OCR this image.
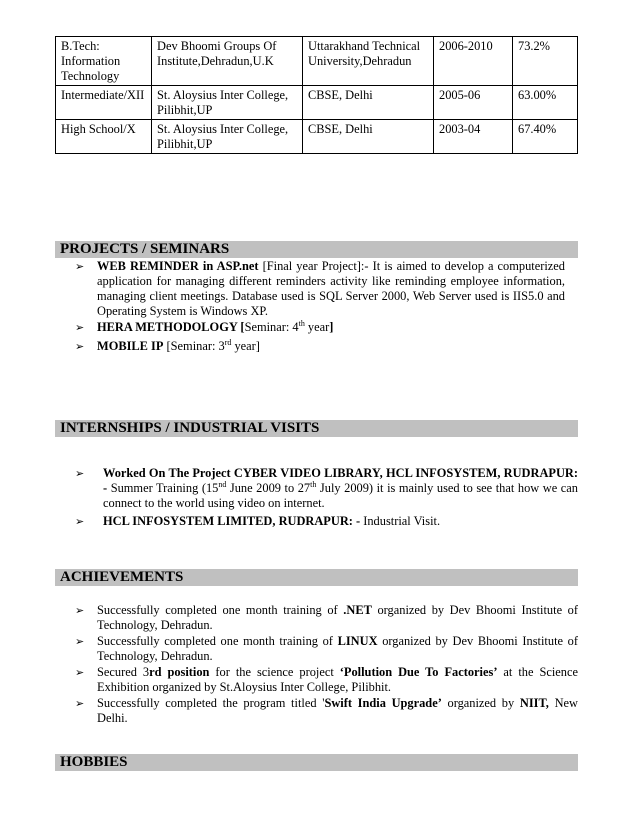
B.Tech: Information Technology	Dev Bhoomi Groups Of Institute,Dehradun,U.K	Uttarakhand Technical University,Dehradun	2006-2010	73.2%
Intermediate/XII	St. Aloysius Inter College, Pilibhit,UP	CBSE, Delhi	2005-06	63.00%
High School/X	St. Aloysius Inter College, Pilibhit,UP	CBSE, Delhi	2003-04	67.40%
PROJECTS / SEMINARS
➢ WEB REMINDER in ASP.net [Final year Project]:- It is aimed to develop a computerized application for managing different reminders activity like reminding employee information, managing client meetings. Database used is SQL Server 2000, Web Server used is IIS5.0 and Operating System is Windows XP.
➢ HERA METHODOLOGY [Seminar: 4th year]
➢ MOBILE IP [Seminar: 3rd year]
INTERNSHIPS / INDUSTRIAL VISITS
➢ Worked On The Project CYBER VIDEO LIBRARY, HCL INFOSYSTEM, RUDRAPUR: - Summer Training (15nd June 2009 to 27th July 2009) it is mainly used to see that how we can connect to the world using video on internet.
➢ HCL INFOSYSTEM LIMITED, RUDRAPUR: - Industrial Visit.
ACHIEVEMENTS
➢ Successfully completed one month training of .NET organized by Dev Bhoomi Institute of Technology, Dehradun.
➢ Successfully completed one month training of LINUX organized by Dev Bhoomi Institute of Technology, Dehradun.
➢ Secured 3rd position for the science project ‘Pollution Due To Factories’ at the Science Exhibition organized by St.Aloysius Inter College, Pilibhit.
➢ Successfully completed the program titled 'Swift India Upgrade’ organized by NIIT, New Delhi.
HOBBIES
